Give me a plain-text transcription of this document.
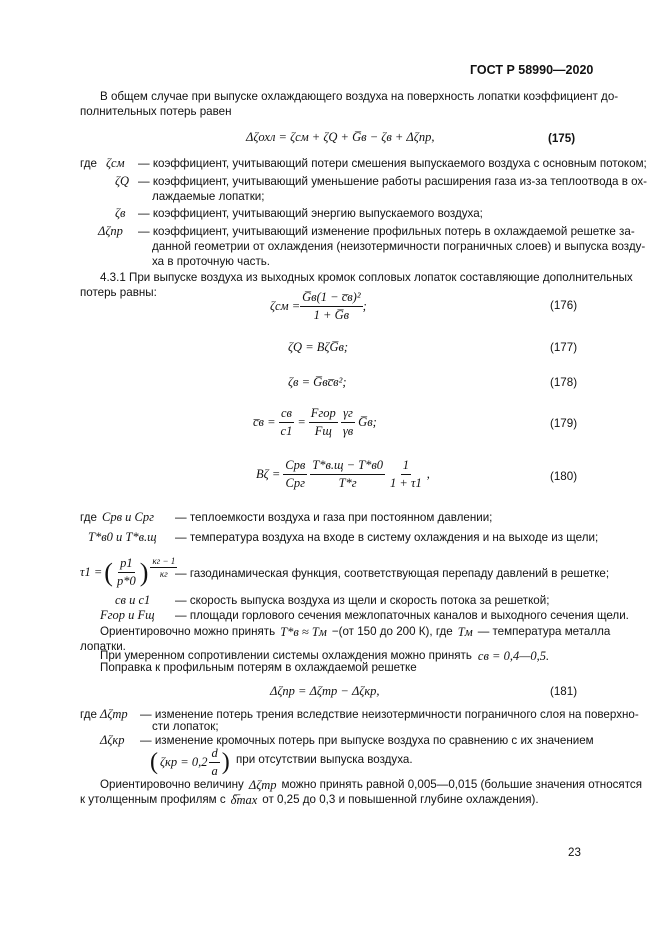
ГОСТ Р 58990—2020
В общем случае при выпуске охлаждающего воздуха на поверхность лопатки коэффициент до-
полнительных потерь равен
Δζохл = ζсм + ζQ + G̅в − ζв + Δζпр,	(175)
где ζсм — коэффициент, учитывающий потери смешения выпускаемого воздуха с основным потоком;
ζQ — коэффициент, учитывающий уменьшение работы расширения газа из-за теплоотвода в ох-
лаждаемые лопатки;
ζв — коэффициент, учитывающий энергию выпускаемого воздуха;
Δζпр — коэффициент, учитывающий изменение профильных потерь в охлаждаемой решетке за-
данной геометрии от охлаждения (неизотермичности пограничных слоев) и выпуска возду-
ха в проточную часть.
4.3.1 При выпуске воздуха из выходных кромок сопловых лопаток составляющие дополнительных
потерь равны:
$\zeta см = \frac{\text{G̅в(1 − c̅в)²}}{1 + G̅в}$ ;	(176)
ζQ = BζG̅в;	(177)
ζв = G̅вc̅в²;	(178)
c̅в = $\frac{cв}{c1} = \frac{\text{Fгор}}{Fщ} \frac{\gamma г}{\gamma в}$ G̅в;	(179)
$B\zeta = \frac{\text{Cpв}}{\text{Cpг}} \frac{T*в.щ - T*в0}{T*г} \frac{1}{1 + \tau 1}$ ,	(180)
где Cpв и Cpг — теплоемкости воздуха и газа при постоянном давлении;
T*в0 и T*в.щ — температура воздуха на входе в систему охлаждения и на выходе из щели;
τ1 = ( $\frac{p1}{p*0}$ ) $\frac{\kappa г - 1}{\kappa г}$
— газодинамическая функция, соответствующая перепаду давлений в решетке;
cв и c1 — скорость выпуска воздуха из щели и скорость потока за решеткой;
Fгор и Fщ — площади горлового сечения межлопаточных каналов и выходного сечения щели.
Ориентировочно можно принять T*в ≈ Tм −(от 150 до 200 К), где Tм — температура металла
лопатки.
При умеренном сопротивлении системы охлаждения можно принять cв = 0,4—0,5.
Поправка к профильным потерям в охлаждаемой решетке
Δζпр = Δζтр − Δζкр,	(181)
где Δζтр — изменение потерь трения вследствие неизотермичности пограничного слоя на поверхно-
сти лопаток;
Δζкр — изменение кромочных потерь при выпуске воздуха по сравнению с их значением
( $\zeta кр = 0,2 \frac{d}{a}$ ) при отсутствии выпуска воздуха.
Ориентировочно величину Δζтр можно принять равной 0,005—0,015 (большие значения относятся
к утолщенным профилям с δ̅max от 0,25 до 0,3 и повышенной глубине охлаждения).
23
